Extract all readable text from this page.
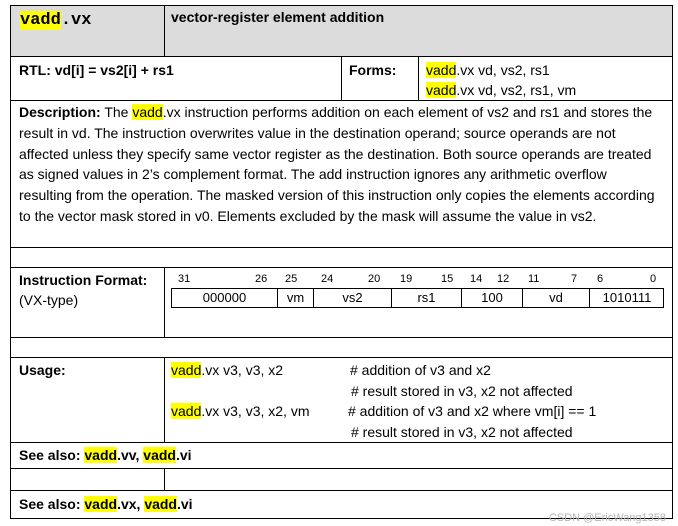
vadd.vx	vector-register element addition
RTL: vd[i] = vs2[i] + rs1	Forms: vadd.vx vd, vs2, rs1
vadd.vx vd, vs2, rs1, vm
Description: The vadd.vx instruction performs addition on each element of vs2 and rs1 and stores the result in vd. The instruction overwrites value in the destination operand; source operands are not affected unless they specify same vector register as the destination. Both source operands are treated as signed values in 2’s complement format. The add instruction ignores any arithmetic overflow resulting from the operation. The masked version of this instruction only copies the elements according to the vector mask stored in v0. Elements excluded by the mask will assume the value in vs2.
Instruction Format:
(VX-type)
31	26 25 24	20 19	15 14 12 11	7 6	0
000000	vm	vs2	rs1	100	vd	1010111
Usage:	vadd.vx v3, v3, x2	# addition of v3 and x2
# result stored in v3, x2 not affected
vadd.vx v3, v3, x2, vm	# addition of v3 and x2 where vm[i] == 1
# result stored in v3, x2 not affected
See also: vadd.vv, vadd.vi
See also: vadd.vx, vadd.vi
CSDN @EricWang1358
